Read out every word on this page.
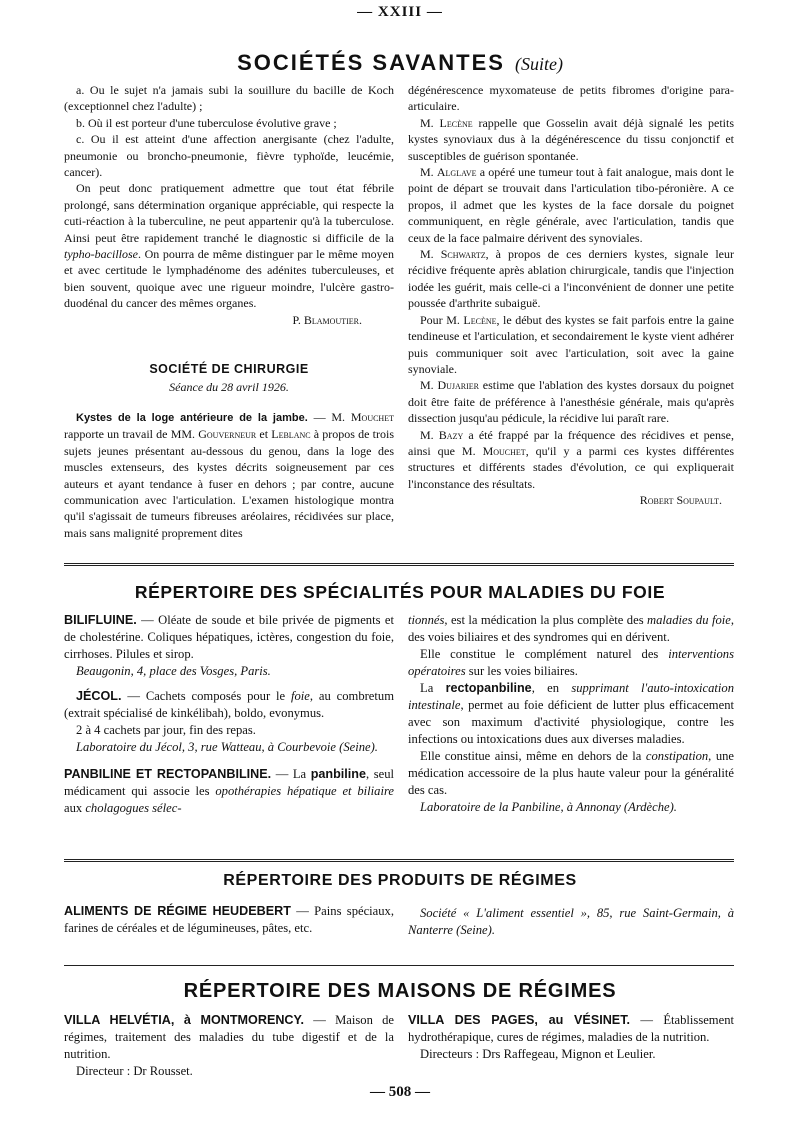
— XXIII —
SOCIÉTÉS SAVANTES (Suite)

a. Ou le sujet n'a jamais subi la souillure du bacille de Koch (exceptionnel chez l'adulte) ;

b. Où il est porteur d'une tuberculose évolutive grave ;

c. Ou il est atteint d'une affection anergisante (chez l'adulte, pneumonie ou broncho-pneumonie, fièvre typhoïde, leucémie, cancer).

On peut donc pratiquement admettre que tout état fébrile prolongé, sans détermination organique appréciable, qui respecte la cuti-réaction à la tuberculine, ne peut appartenir qu'à la tuberculose. Ainsi peut être rapidement tranché le diagnostic si difficile de la typho-bacillose. On pourra de même distinguer par le même moyen et avec certitude le lymphadénome des adénites tuberculeuses, et bien souvent, quoique avec une rigueur moindre, l'ulcère gastro-duodénal du cancer des mêmes organes.

P. Blamoutier.

SOCIÉTÉ DE CHIRURGIE
Séance du 28 avril 1926.

Kystes de la loge antérieure de la jambe. — M. Mouchet rapporte un travail de MM. Gouverneur et Leblanc à propos de trois sujets jeunes présentant au-dessous du genou, dans la loge des muscles extenseurs, des kystes décrits soigneusement par ces auteurs et ayant tendance à fuser en dehors ; par contre, aucune communication avec l'articulation. L'examen histologique montra qu'il s'agissait de tumeurs fibreuses aréolaires, récidivées sur place, mais sans malignité proprement dites

dégénérescence myxomateuse de petits fibromes d'origine para-articulaire.

M. Lecène rappelle que Gosselin avait déjà signalé les petits kystes synoviaux dus à la dégénérescence du tissu conjonctif et susceptibles de guérison spontanée.

M. Alglave a opéré une tumeur tout à fait analogue, mais dont le point de départ se trouvait dans l'articulation tibo-péronière. A ce propos, il admet que les kystes de la face dorsale du poignet communiquent, en règle générale, avec l'articulation, tandis que ceux de la face palmaire dérivent des synoviales.

M. Schwartz, à propos de ces derniers kystes, signale leur récidive fréquente après ablation chirurgicale, tandis que l'injection iodée les guérit, mais celle-ci a l'inconvénient de donner une petite poussée d'arthrite subaiguë.

Pour M. Lecène, le début des kystes se fait parfois entre la gaine tendineuse et l'articulation, et secondairement le kyste vient adhérer puis communiquer soit avec l'articulation, soit avec la gaine synoviale.

M. Dujarier estime que l'ablation des kystes dorsaux du poignet doit être faite de préférence à l'anesthésie générale, mais qu'après dissection jusqu'au pédicule, la récidive lui paraît rare.

M. Bazy a été frappé par la fréquence des récidives et pense, ainsi que M. Mouchet, qu'il y a parmi ces kystes différentes structures et différents stades d'évolution, ce qui expliquerait l'inconstance des résultats.

Robert Soupault.

RÉPERTOIRE DES SPÉCIALITÉS POUR MALADIES DU FOIE

BILIFLUINE. — Oléate de soude et bile privée de pigments et de cholestérine. Coliques hépatiques, ictères, congestion du foie, cirrhoses. Pilules et sirop.

Beaugonin, 4, place des Vosges, Paris.

JÉCOL. — Cachets composés pour le foie, au combretum (extrait spécialisé de kinkélibah), boldo, evonymus.

2 à 4 cachets par jour, fin des repas.

Laboratoire du Jécol, 3, rue Watteau, à Courbevoie (Seine).

PANBILINE ET RECTOPANBILINE. — La panbiline, seul médicament qui associe les opothérapies hépatique et biliaire aux cholagogues sélec-

tionnés, est la médication la plus complète des maladies du foie, des voies biliaires et des syndromes qui en dérivent.

Elle constitue le complément naturel des interventions opératoires sur les voies biliaires.

La rectopanbiline, en supprimant l'auto-intoxication intestinale, permet au foie déficient de lutter plus efficacement avec son maximum d'activité physiologique, contre les infections ou intoxications dues aux diverses maladies.

Elle constitue ainsi, même en dehors de la constipation, une médication accessoire de la plus haute valeur pour la généralité des cas.

Laboratoire de la Panbiline, à Annonay (Ardèche).

RÉPERTOIRE DES PRODUITS DE RÉGIMES

ALIMENTS DE RÉGIME HEUDEBERT — Pains spéciaux, farines de céréales et de légumineuses, pâtes, etc.

Société « L'aliment essentiel », 85, rue Saint-Germain, à Nanterre (Seine).

RÉPERTOIRE DES MAISONS DE RÉGIMES

VILLA HELVÉTIA, à MONTMORENCY. — Maison de régimes, traitement des maladies du tube digestif et de la nutrition.

Directeur : Dr Rousset.

VILLA DES PAGES, au VÉSINET. — Établissement hydrothérapique, cures de régimes, maladies de la nutrition.

Directeurs : Drs Raffegeau, Mignon et Leulier.

— 508 —
